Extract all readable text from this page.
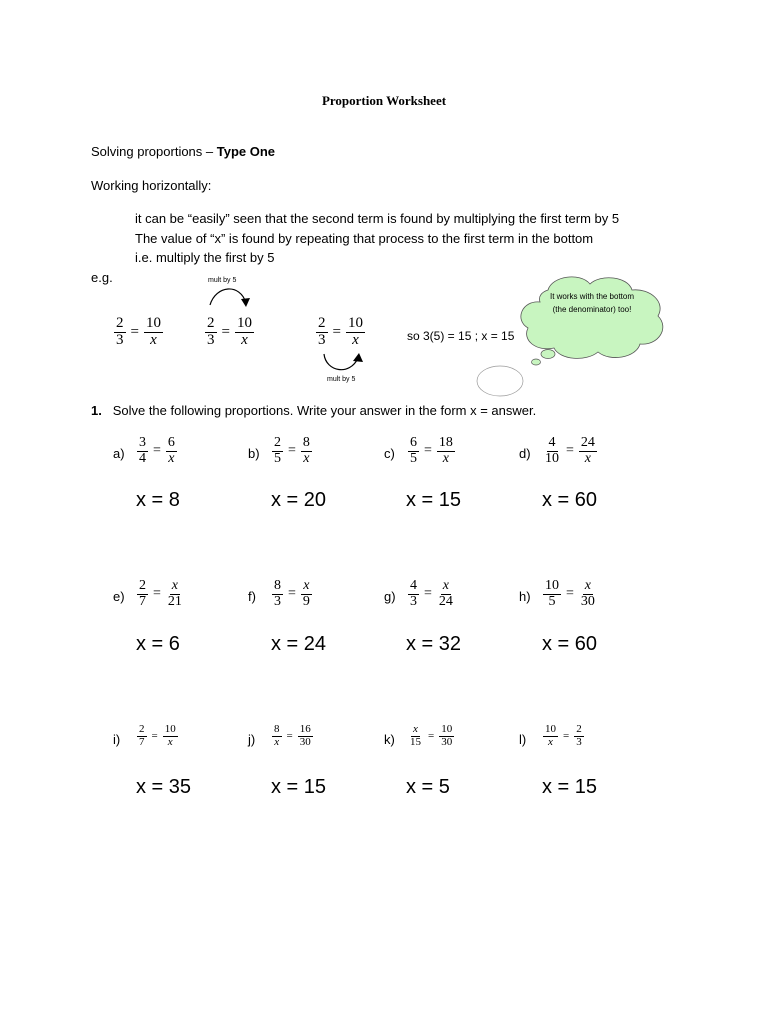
Proportion Worksheet
Solving proportions – Type One
Working horizontally:
it can be “easily” seen that the second term is found by multiplying the first term by 5
The value of “x” is found by repeating that process to the first term in the bottom
i.e. multiply the first by 5
e.g.
$\frac{2}{3} = \frac{10}{x}$
mult by 5
$\frac{2}{3} = \frac{10}{x}$	$\frac{2}{3} = \frac{10}{x}$
mult by 5
so 3(5) = 15 ; x = 15
It works with the bottom
(the denominator) too!
1. Solve the following proportions. Write your answer in the form x = answer.
$a) \frac{3}{4} = \frac{6}{x}$
x = 8
$b) \frac{2}{5} = \frac{8}{x}$
x = 20
$c) \frac{6}{5} = \frac{18}{x}$
x = 15
$d) \frac{4}{10} = \frac{24}{x}$
x = 60
$e) \frac{2}{7} = \frac{x}{21}$
x = 6
$f) \frac{8}{3} = \frac{x}{9}$
x = 24
$g) \frac{4}{3} = \frac{x}{24}$
x = 32
$h) \frac{10}{5} = \frac{x}{30}$
x = 60
$i) \frac{2}{7} = \frac{10}{x}$
x = 35
$j) \frac{8}{x} = \frac{16}{30}$
x = 15
$k) \frac{x}{15} = \frac{10}{30}$
x = 5
$l) \frac{10}{x} = \frac{2}{3}$
x = 15
